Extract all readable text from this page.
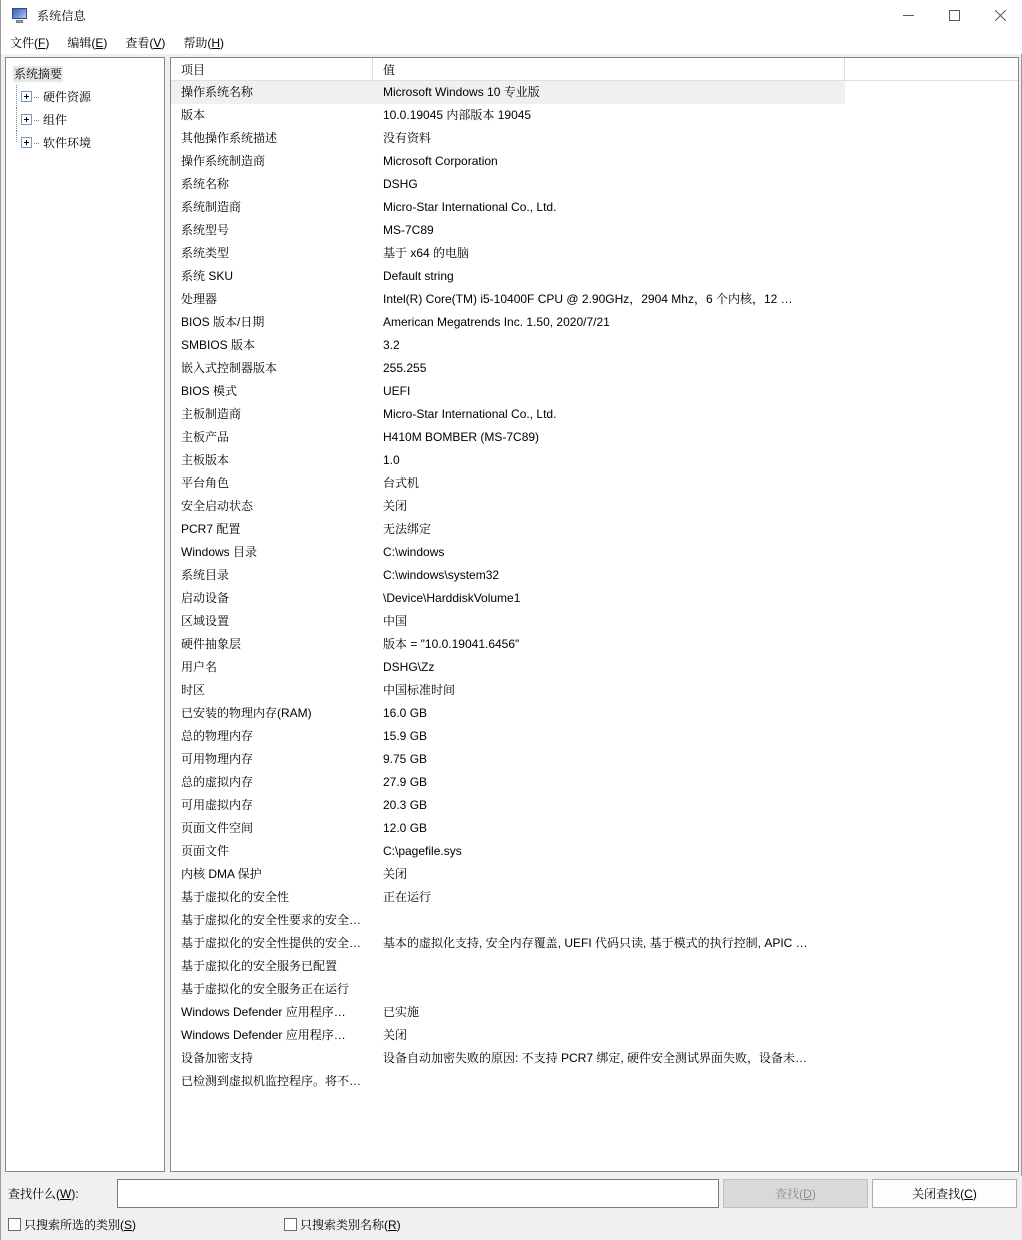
系统信息
文件(F)	编辑(E)	查看(V)	帮助(H)
系统摘要
硬件资源
组件
软件环境
项目	值
操作系统名称	Microsoft Windows 10 专业版
版本	10.0.19045 内部版本 19045
其他操作系统描述	没有资料
操作系统制造商	Microsoft Corporation
系统名称	DSHG
系统制造商	Micro-Star International Co., Ltd.
系统型号	MS-7C89
系统类型	基于 x64 的电脑
系统 SKU	Default string
处理器	Intel(R) Core(TM) i5-10400F CPU @ 2.90GHz，2904 Mhz，6 个内核，12 …
BIOS 版本/日期	American Megatrends Inc. 1.50, 2020/7/21
SMBIOS 版本	3.2
嵌入式控制器版本	255.255
BIOS 模式	UEFI
主板制造商	Micro-Star International Co., Ltd.
主板产品	H410M BOMBER (MS-7C89)
主板版本	1.0
平台角色	台式机
安全启动状态	关闭
PCR7 配置	无法绑定
Windows 目录	C:\windows
系统目录	C:\windows\system32
启动设备	\Device\HarddiskVolume1
区域设置	中国
硬件抽象层	版本 = "10.0.19041.6456"
用户名	DSHG\Zz
时区	中国标准时间
已安装的物理内存(RAM)	16.0 GB
总的物理内存	15.9 GB
可用物理内存	9.75 GB
总的虚拟内存	27.9 GB
可用虚拟内存	20.3 GB
页面文件空间	12.0 GB
页面文件	C:\pagefile.sys
内核 DMA 保护	关闭
基于虚拟化的安全性	正在运行
基于虚拟化的安全性要求的安全…
基于虚拟化的安全性提供的安全…	基本的虚拟化支持, 安全内存覆盖, UEFI 代码只读, 基于模式的执行控制, APIC …
基于虚拟化的安全服务已配置
基于虚拟化的安全服务正在运行
Windows Defender 应用程序…	已实施
Windows Defender 应用程序…	关闭
设备加密支持	设备自动加密失败的原因: 不支持 PCR7 绑定, 硬件安全测试界面失败，设备未…
已检测到虚拟机监控程序。将不…
查找什么(W):	查找( D )	关闭查找( C )
只搜索所选的类别(S)	只搜索类别名称(R)
